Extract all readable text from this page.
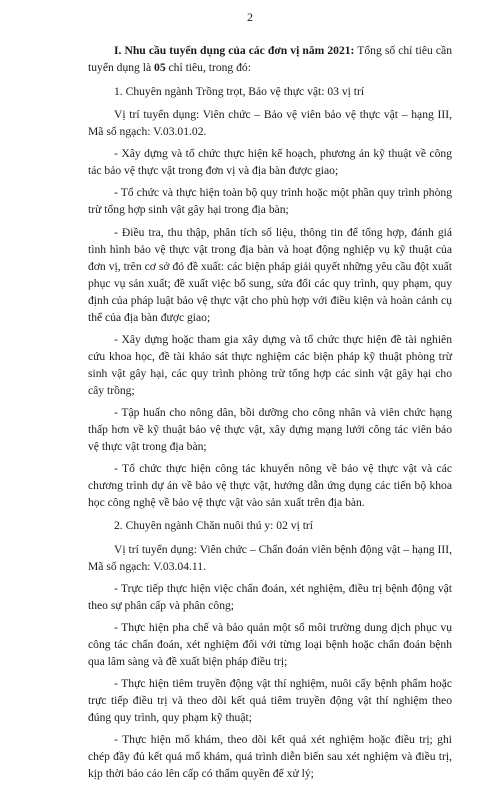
2

I. Nhu cầu tuyển dụng của các đơn vị năm 2021: Tổng số chỉ tiêu cần tuyển dụng là 05 chỉ tiêu, trong đó:

1. Chuyên ngành Trồng trọt, Bảo vệ thực vật: 03 vị trí

Vị trí tuyển dụng: Viên chức – Bảo vệ viên bảo vệ thực vật – hạng III, Mã số ngạch: V.03.01.02.

- Xây dựng và tổ chức thực hiện kế hoạch, phương án kỹ thuật về công tác bảo vệ thực vật trong đơn vị và địa bàn được giao;

- Tổ chức và thực hiện toàn bộ quy trình hoặc một phần quy trình phòng trừ tổng hợp sinh vật gây hại trong địa bàn;

- Điều tra, thu thập, phân tích số liệu, thông tin để tổng hợp, đánh giá tình hình bảo vệ thực vật trong địa bàn và hoạt động nghiệp vụ kỹ thuật của đơn vị, trên cơ sở đó đề xuất: các biện pháp giải quyết những yêu cầu đột xuất phục vụ sản xuất; đề xuất việc bổ sung, sửa đổi các quy trình, quy phạm, quy định của pháp luật bảo vệ thực vật cho phù hợp với điều kiện và hoàn cảnh cụ thể của địa bàn được giao;

- Xây dựng hoặc tham gia xây dựng và tổ chức thực hiện đề tài nghiên cứu khoa học, đề tài khảo sát thực nghiệm các biện pháp kỹ thuật phòng trừ sinh vật gây hại, các quy trình phòng trừ tổng hợp các sinh vật gây hại cho cây trồng;

- Tập huấn cho nông dân, bồi dưỡng cho công nhân và viên chức hạng thấp hơn về kỹ thuật bảo vệ thực vật, xây dựng mạng lưới công tác viên bảo vệ thực vật trong địa bàn;

- Tổ chức thực hiện công tác khuyến nông về bảo vệ thực vật và các chương trình dự án về bảo vệ thực vật, hướng dẫn ứng dụng các tiến bộ khoa học công nghệ về bảo vệ thực vật vào sản xuất trên địa bàn.

2. Chuyên ngành Chăn nuôi thú y: 02 vị trí

Vị trí tuyển dụng: Viên chức – Chẩn đoán viên bệnh động vật – hạng III, Mã số ngạch: V.03.04.11.

- Trực tiếp thực hiện việc chẩn đoán, xét nghiệm, điều trị bệnh động vật theo sự phân cấp và phân công;

- Thực hiện pha chế và bảo quản một số môi trường dung dịch phục vụ công tác chẩn đoán, xét nghiệm đối với từng loại bệnh hoặc chẩn đoán bệnh qua lâm sàng và đề xuất biện pháp điều trị;

- Thực hiện tiêm truyền động vật thí nghiệm, nuôi cấy bệnh phẩm hoặc trực tiếp điều trị và theo dõi kết quả tiêm truyền động vật thí nghiệm theo đúng quy trình, quy phạm kỹ thuật;

- Thực hiện mổ khám, theo dõi kết quả xét nghiệm hoặc điều trị; ghi chép đầy đủ kết quả mổ khám, quá trình diễn biến sau xét nghiệm và điều trị, kịp thời báo cáo lên cấp có thẩm quyền để xử lý;
